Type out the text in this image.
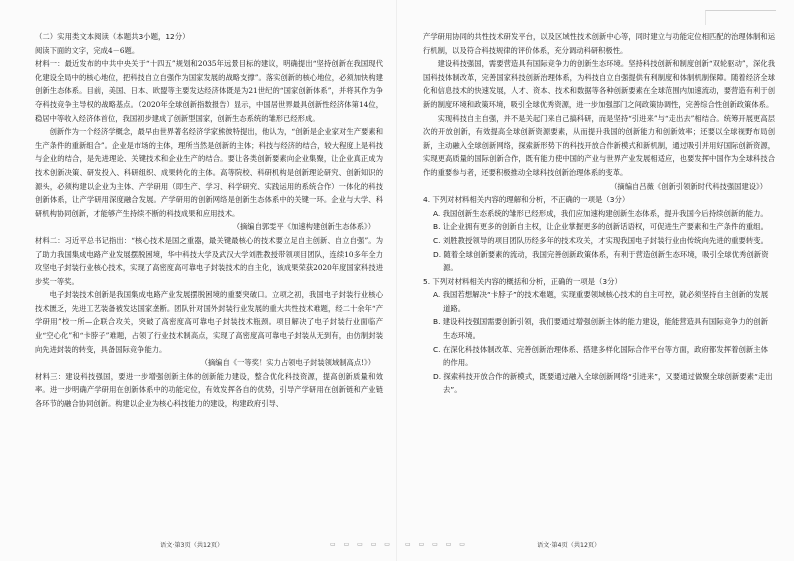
（二）实用类文本阅读（本题共3小题，12分）

阅读下面的文字，完成4－6题。

材料一：最近发布的中共中央关于“十四五”规划和2035年远景目标的建议，明确提出“坚持创新在我国现代化建设全局中的核心地位，把科技自立自强作为国家发展的战略支撑”。落实创新的核心地位，必须加快构建创新生态体系。目前，美国、日本、欧盟等主要发达经济体既是为21世纪的“国家创新体系”，并将其作为争夺科技竞争主导权的战略基点。（2020年全球创新指数报告）显示，中国居世界最具创新性经济体第14位，稳居中等收入经济体首位，我国初步建成了创新型国家，创新生态系统的雏形已经形成。

创新作为一个经济学概念，最早由世界著名经济学家熊彼特提出，他认为，“创新是企业家对生产要素和生产条件的重新组合”。企业是市场的主体，理所当然是创新的主体；科技与经济的结合，较大程度上是科技与企业的结合，是先进理论、关键技术和企业生产的结合。要让各类创新要素向企业集聚，让企业真正成为技术创新决策、研发投入、科研组织、成果转化的主体。高等院校、科研机构是创新理论研究、创新知识的源头，必须构建以企业为主体、产学研用（即生产、学习、科学研究、实践运用的系统合作）一体化的科技创新体系，让产学研用深度融合发展。产学研用的创新网络是创新生态体系中的关键一环。企业与大学、科研机构协同创新，才能够产生持续不断的科技成果和应用技术。

（摘编自郭雯平《加速构建创新生态体系》）

材料二：习近平总书记指出：“核心技术是国之重器，最关键最核心的技术要立足自主创新、自立自强”。为了助力我国集成电路产业发展摆脱困境，华中科技大学及武汉大学刘胜教授带领项目团队，连续10多年全力攻坚电子封装行业核心技术，实现了高密度高可靠电子封装技术的自主化，该成果荣获2020年度国家科技进步奖一等奖。

电子封装技术创新是我国集成电路产业发展摆脱困境的重要突破口。立项之初，我国电子封装行业核心技术匮乏，先进工艺装备被发达国家垄断。团队针对国外封装行业发展的重大共性技术难题，经二十余年“产学研用”校一所—企联合攻关，突破了高密度高可靠电子封装技术瓶颈。项目解决了电子封装行业面临产业“空心化”和“卡脖子”难题，占领了行业技术制高点，实现了高密度高可靠电子封装从无到有，由仿制封装向先进封装的转变，具备国际竞争能力。

（摘编自《一等奖！实力占领电子封装领域制高点!》）

材料三：建设科技强国，要进一步增强创新主体的创新能力建设，整合优化科技资源，提高创新质量和效率。进一步明确产学研用在创新体系中的功能定位，有效发挥各自的优势，引导产学研用在创新链和产业链各环节的融合协同创新。构建以企业为核心科技能力的建设，构建政府引导、

语文·第3页（共12页）	▭ ▭ ▭ ▭ ▭

产学研用协同的共性技术研发平台，以及区域性技术创新中心等，同时建立与功能定位相匹配的治理体制和运行机制，以及符合科技规律的评价体系，充分调动科研积极性。

建设科技强国，需要营造具有国际竞争力的创新生态环境。坚持科技创新和制度创新“双轮驱动”，深化我国科技体制改革，完善国家科技创新治理体系，为科技自立自强提供有利制度和体制机制保障。随着经济全球化和信息技术的快速发展，人才、资本、技术和数据等各种创新要素在全球范围内加速流动，要营造有利于创新的制度环境和政策环境，吸引全球优秀资源，进一步加强部门之间政策协调性，完善综合性创新政策体系。

实现科技自主自强，并不是关起门来自己搞科研，而是坚持“引进来”与“走出去”相结合。统筹开展更高层次的开放创新，有效提高全球创新资源要素，从而提升我国的创新能力和创新效率；还要以全球视野布局创新，主动融入全球创新网络，探索新形势下的科技开放合作新模式和新机制，通过吸引并用好国际创新资源，实现更高质量的国际创新合作，既有能力使中国的产业与世界产业发展相适应，也要发挥中国作为全球科技合作的重要参与者，还要积极推动全球科技创新治理体系的变革。

（摘编自吕薇《创新引领新时代科技强国建设》）

4. 下列对材料相关内容的理解和分析，不正确的一项是（3分）

A. 我国创新生态系统的雏形已经形成，我们应加速构建创新生态体系，提升我国今后持续创新的能力。

B. 让企业拥有更多的创新自主权，让企业掌握更多的创新话语权，可促进生产要素和生产条件的重组。

C. 刘胜教授领导的项目团队历经多年的技术攻关，才实现我国电子封装行业由传统向先进的重要转变。

D. 随着全球创新要素的流动，我国完善创新政策体系，有利于营造创新生态环境，吸引全球优秀创新资源。

5. 下列对材料相关内容的概括和分析，正确的一项是（3分）

A. 我国若想解决“卡脖子”的技术难题，实现重要领域核心技术的自主可控，就必须坚持自主创新的发展道路。

B. 建设科技强国需要创新引领，我们要通过增强创新主体的能力建设，能能营造具有国际竞争力的创新生态环境。

C. 在深化科技体制改革、完善创新治理体系、搭建多样化国际合作平台等方面，政府都发挥着创新主体的作用。

D. 探索科技开放合作的新模式，既要通过融入全球创新网络“引进来”，又要通过做聚全球创新要素“走出去”。

▭ ▭ ▭ ▭ ▭	语文·第4页（共12页）
